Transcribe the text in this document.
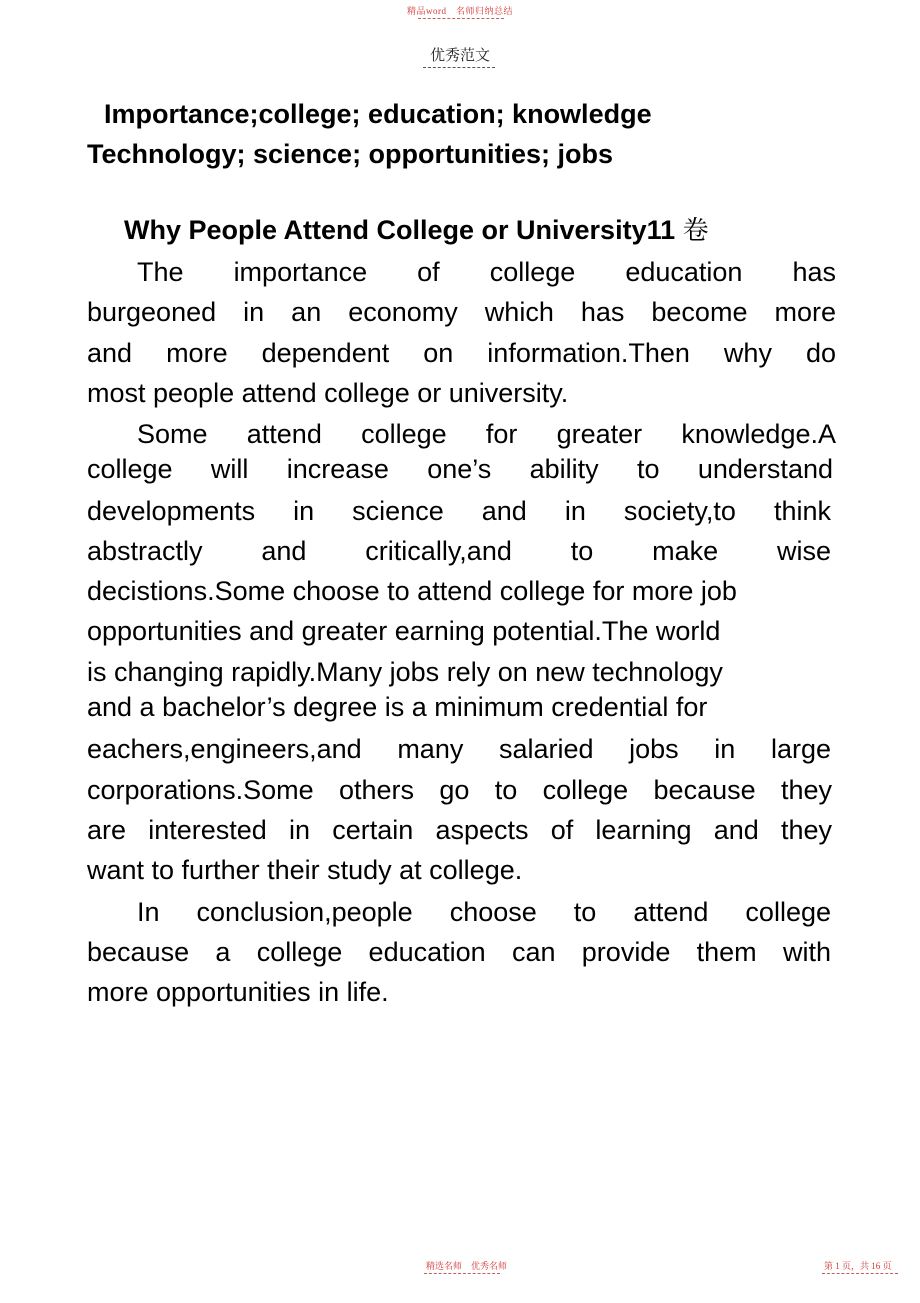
精品word　名师归纳总结
优秀范文
Importance;college; education; knowledge
Technology; science; opportunities; jobs
Why People Attend College or University11 卷
The importance of college education has
burgeoned in an economy which has become more
and more dependent on information.Then why do
most people attend college or university.
Some attend college for greater knowledge.A
college will increase one’s ability to understand
developments in science and in society,to think
abstractly and critically,and to make wise
decistions.Some choose to attend college for more job
opportunities and greater earning potential.The world
is changing rapidly.Many jobs rely on new technology
and a bachelor’s degree is a minimum credential for
eachers,engineers,and many salaried jobs in large
corporations.Some others go to college because they
are interested in certain aspects of learning and they
want to further their study at college.
In conclusion,people choose to attend college
because a college education can provide them with
more opportunities in life.
精选名师　优秀名师	第 1 页，共 16 页
